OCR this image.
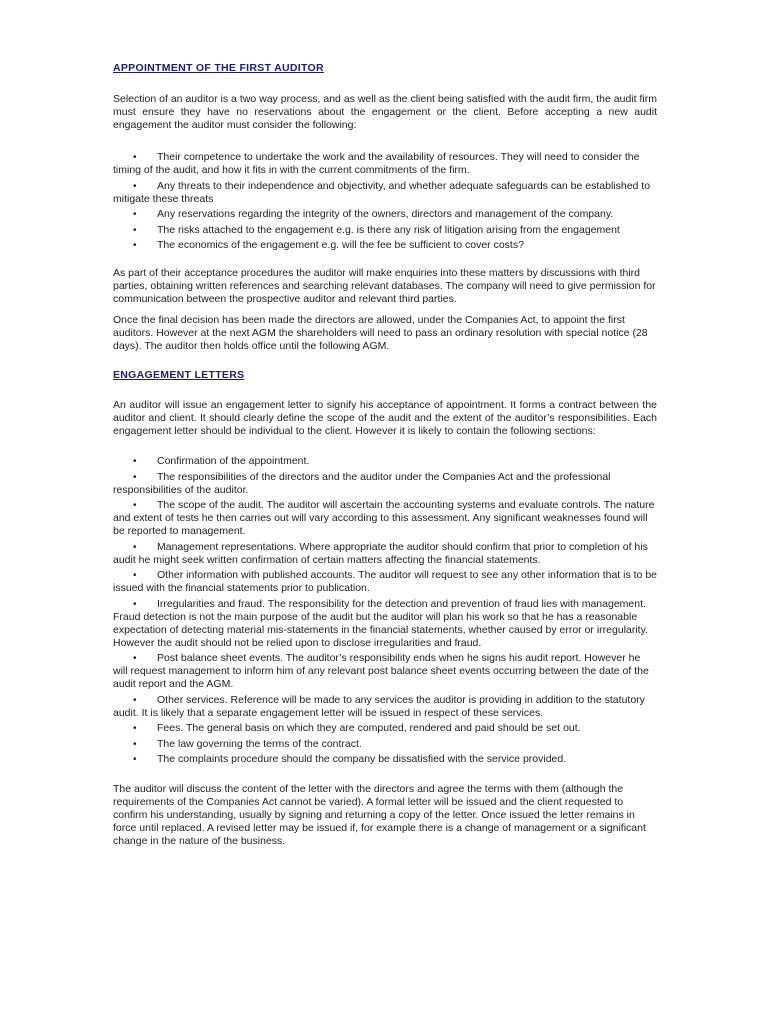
APPOINTMENT OF THE FIRST AUDITOR

Selection of an auditor is a two way process, and as well as the client being satisfied with the audit firm, the audit firm must ensure they have no reservations about the engagement or the client. Before accepting a new audit engagement the auditor must consider the following:

•Their competence to undertake the work and the availability of resources. They will need to consider the timing of the audit, and how it fits in with the current commitments of the firm.
•Any threats to their independence and objectivity, and whether adequate safeguards can be established to mitigate these threats
•Any reservations regarding the integrity of the owners, directors and management of the company.
•The risks attached to the engagement e.g. is there any risk of litigation arising from the engagement
•The economics of the engagement e.g. will the fee be sufficient to cover costs?

As part of their acceptance procedures the auditor will make enquiries into these matters by discussions with third parties, obtaining written references and searching relevant databases. The company will need to give permission for communication between the prospective auditor and relevant third parties.

Once the final decision has been made the directors are allowed, under the Companies Act, to appoint the first auditors. However at the next AGM the shareholders will need to pass an ordinary resolution with special notice (28 days). The auditor then holds office until the following AGM.

ENGAGEMENT LETTERS

An auditor will issue an engagement letter to signify his acceptance of appointment. It forms a contract between the auditor and client. It should clearly define the scope of the audit and the extent of the auditor’s responsibilities. Each engagement letter should be individual to the client. However it is likely to contain the following sections:

•Confirmation of the appointment.
•The responsibilities of the directors and the auditor under the Companies Act and the professional responsibilities of the auditor.
•The scope of the audit. The auditor will ascertain the accounting systems and evaluate controls. The nature and extent of tests he then carries out will vary according to this assessment. Any significant weaknesses found will be reported to management.
•Management representations. Where appropriate the auditor should confirm that prior to completion of his audit he might seek written confirmation of certain matters affecting the financial statements.
•Other information with published accounts. The auditor will request to see any other information that is to be issued with the financial statements prior to publication.
•Irregularities and fraud. The responsibility for the detection and prevention of fraud lies with management. Fraud detection is not the main purpose of the audit but the auditor will plan his work so that he has a reasonable expectation of detecting material mis-statements in the financial statements, whether caused by error or irregularity. However the audit should not be relied upon to disclose irregularities and fraud.
•Post balance sheet events. The auditor’s responsibility ends when he signs his audit report. However he will request management to inform him of any relevant post balance sheet events occurring between the date of the audit report and the AGM.
•Other services. Reference will be made to any services the auditor is providing in addition to the statutory audit. It is likely that a separate engagement letter will be issued in respect of these services.
•Fees. The general basis on which they are computed, rendered and paid should be set out.
•The law governing the terms of the contract.
•The complaints procedure should the company be dissatisfied with the service provided.

The auditor will discuss the content of the letter with the directors and agree the terms with them (although the requirements of the Companies Act cannot be varied). A formal letter will be issued and the client requested to confirm his understanding, usually by signing and returning a copy of the letter. Once issued the letter remains in force until replaced. A revised letter may be issued if, for example there is a change of management or a significant change in the nature of the business.
